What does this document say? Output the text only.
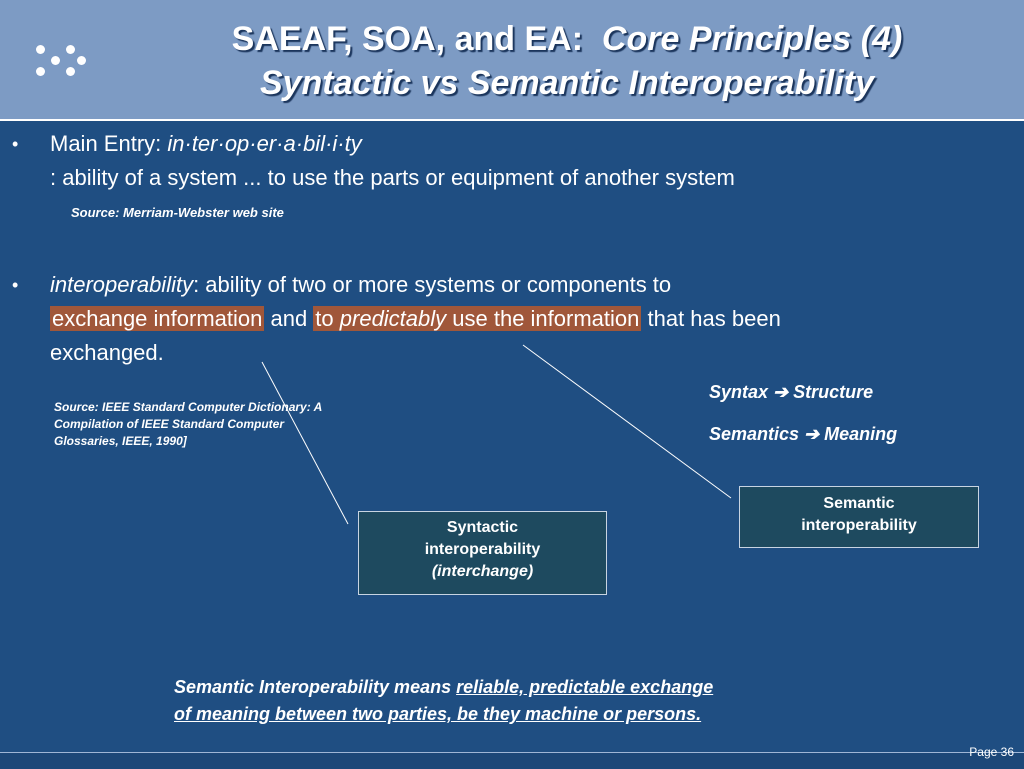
SAEAF, SOA, and EA: Core Principles (4)
Syntactic vs Semantic Interoperability
• Main Entry: in·ter·op·er·a·bil·i·ty
: ability of a system ... to use the parts or equipment of another system
Source: Merriam-Webster web site
• interoperability: ability of two or more systems or components to
exchange information and to predictably use the information that has been
exchanged.
Source: IEEE Standard Computer Dictionary: A
Compilation of IEEE Standard Computer
Glossaries, IEEE, 1990]
Syntax ➔ Structure
Semantics ➔ Meaning
Syntactic
interoperability
(interchange)
Semantic
interoperability
Semantic Interoperability means reliable, predictable exchange
of meaning between two parties, be they machine or persons.
Page 36
